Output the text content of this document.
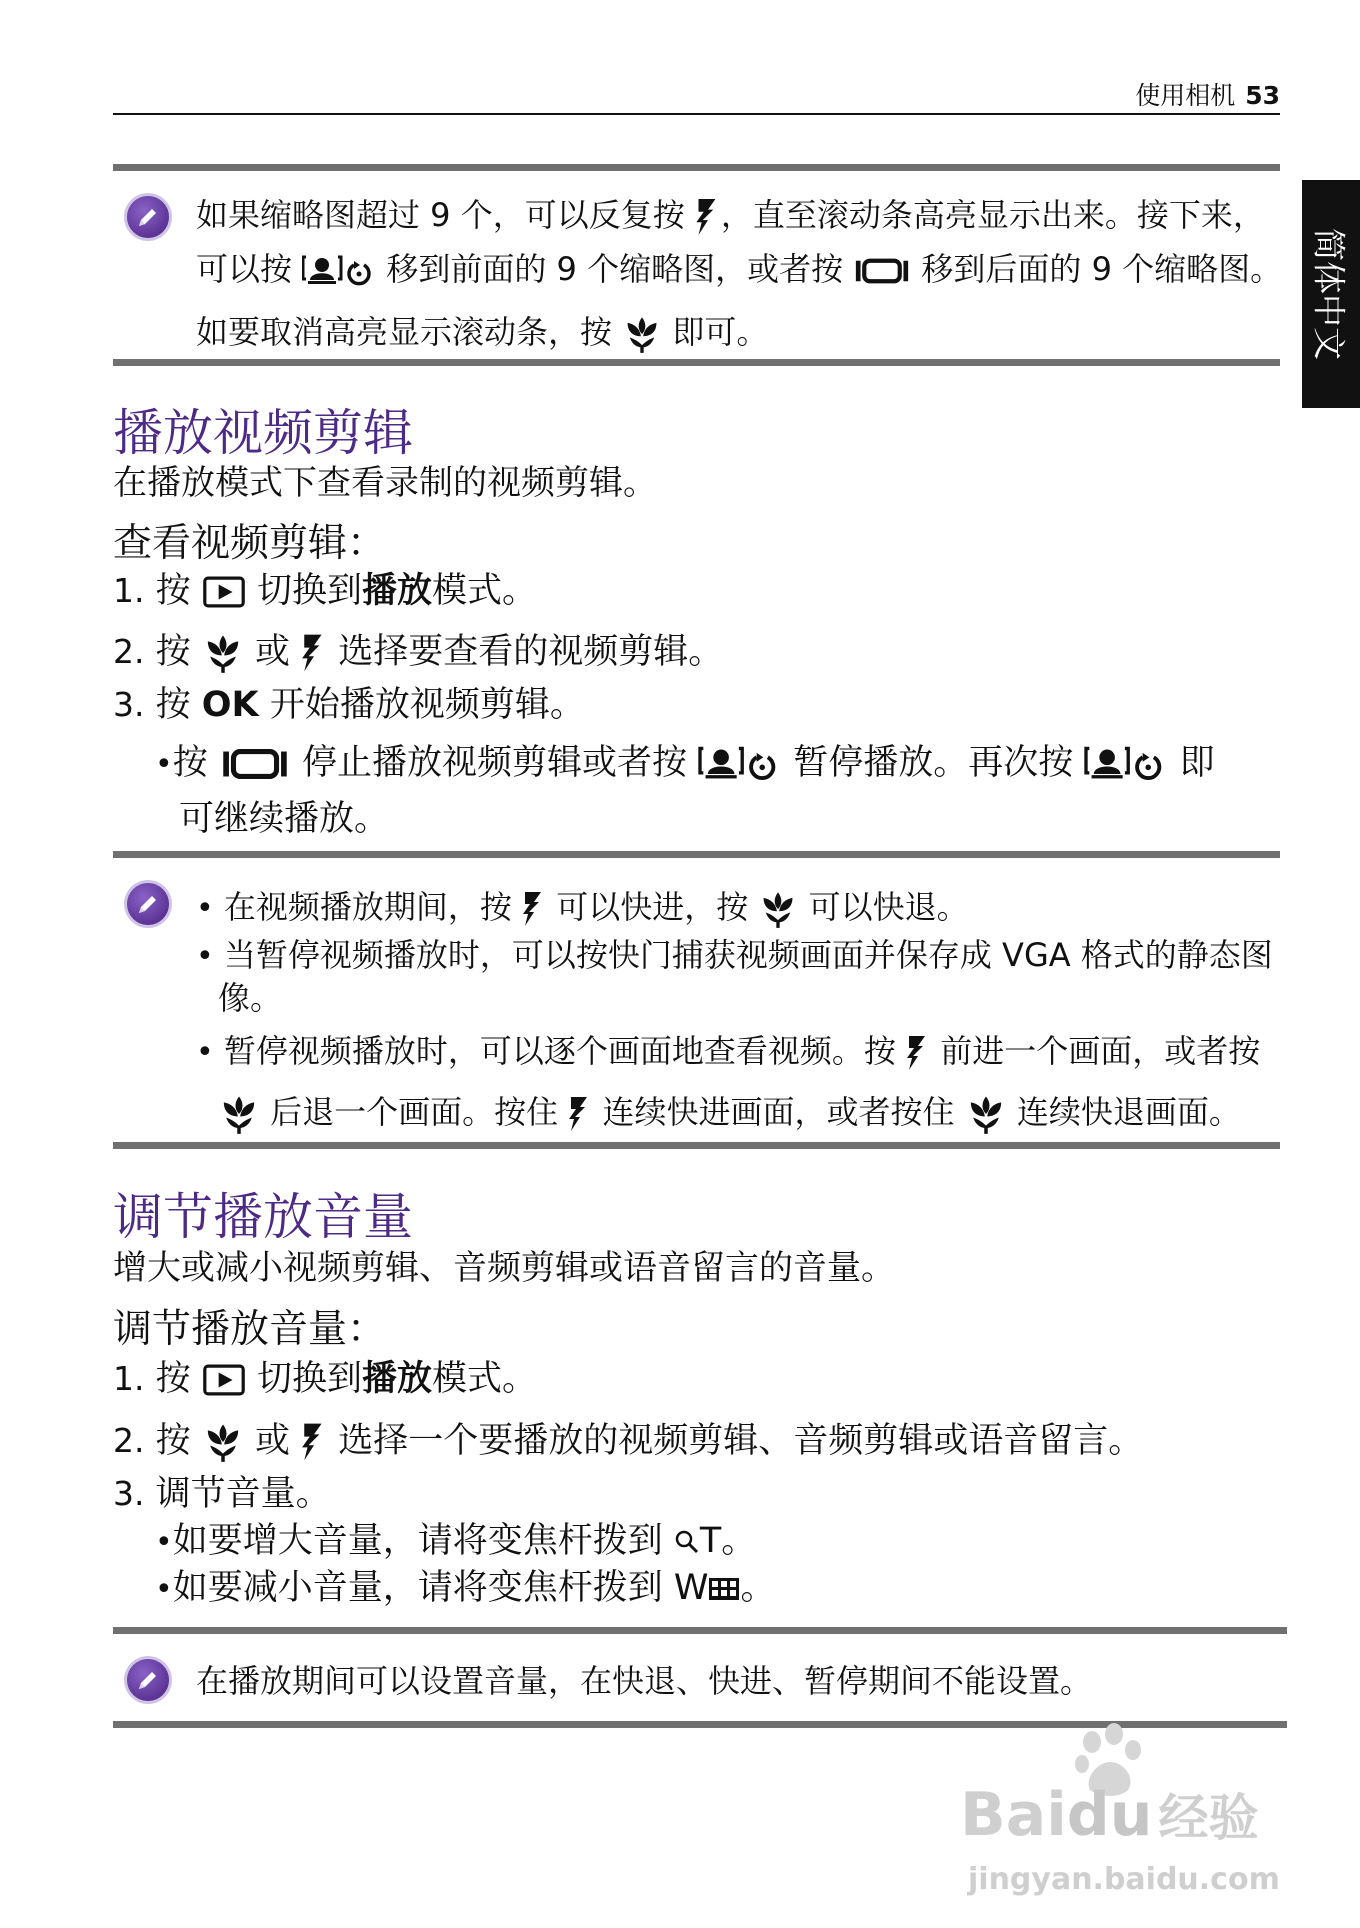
使用相机 53
简体中文
如果缩略图超过 9 个，可以反复按 ，直至滚动条高亮显示出来。接下来，
可以按	移到前面的 9 个缩略图，或者按 移到后面的 9 个缩略图。
如要取消高亮显示滚动条，按 即可。
播放视频剪辑
在播放模式下查看录制的视频剪辑。
查看视频剪辑：
1. 按 切换到播放模式。
2. 按 或 选择要查看的视频剪辑。
3. 按 OK 开始播放视频剪辑。
•按	停止播放视频剪辑或者按	暂停播放。再次按	即
可继续播放。
• 在视频播放期间，按 可以快进，按 可以快退。
• 当暂停视频播放时，可以按快门捕获视频画面并保存成 VGA 格式的静态图
像。
• 暂停视频播放时，可以逐个画面地查看视频。按 前进一个画面，或者按
后退一个画面。按住 连续快进画面，或者按住 连续快退画面。
调节播放音量
增大或减小视频剪辑、音频剪辑或语音留言的音量。
调节播放音量：
1. 按 切换到播放模式。
2. 按 或 选择一个要播放的视频剪辑、音频剪辑或语音留言。
3. 调节音量。
•如要增大音量，请将变焦杆拨到 T。
•如要减小音量，请将变焦杆拨到 W 。
在播放期间可以设置音量，在快退、快进、暂停期间不能设置。
Baidu 经验
jingyan.baidu.com
